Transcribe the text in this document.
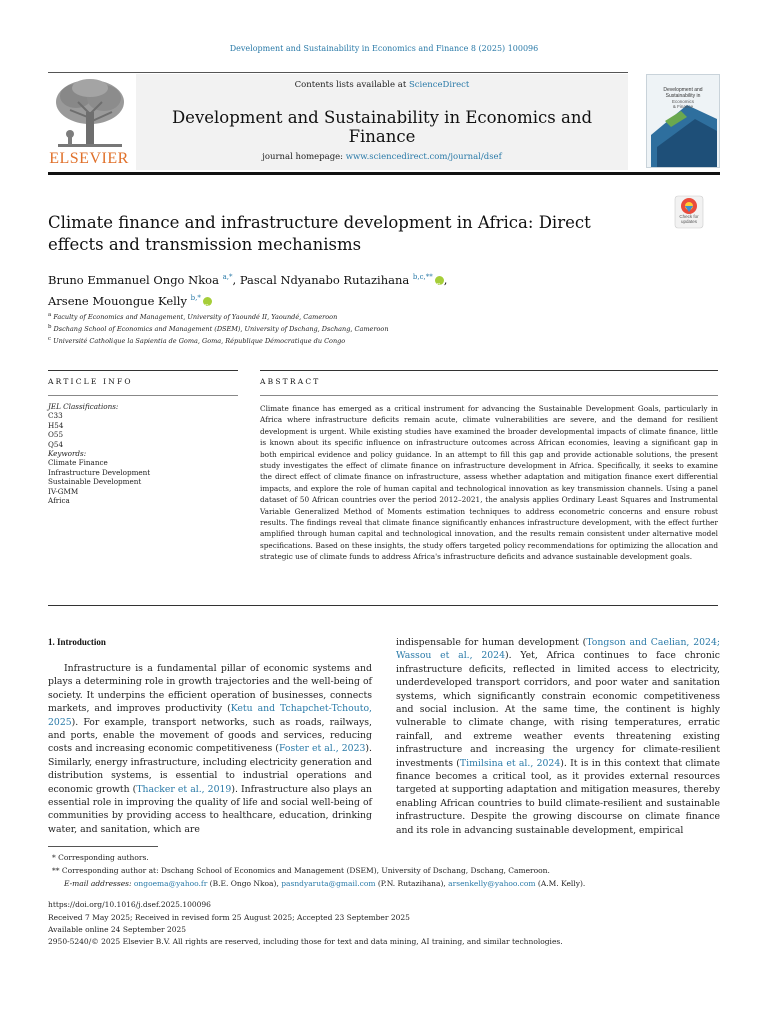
Development and Sustainability in Economics and Finance 8 (2025) 100096
ELSEVIER
Contents lists available at ScienceDirect
Development and Sustainability in Economics and Finance
journal homepage: www.sciencedirect.com/journal/dsef
Development and
Sustainability in
Economics
& Finance
Climate finance and infrastructure development in Africa: Direct effects and transmission mechanisms
Check for
updates
Bruno Emmanuel Ongo Nkoa $^{a,*}$, Pascal Ndyanabo Rutazihana $^{b,c,**}$iD ,
Arsene Mouongue Kelly $^{b,*}$iD
$^a$ Faculty of Economics and Management, University of Yaoundé II, Yaoundé, Cameroon
$^b$ Dschang School of Economics and Management (DSEM), University of Dschang, Dschang, Cameroon
$^c$ Université Catholique la Sapientia de Goma, Goma, République Démocratique du Congo
ARTICLE INFO	ABSTRACT
JEL Classifications:
C33
H54
O55
Q54
Keywords:
Climate Finance
Infrastructure Development
Sustainable Development
IV-GMM
Africa
Climate finance has emerged as a critical instrument for advancing the Sustainable Development Goals, particularly in Africa where infrastructure deficits remain acute, climate vulnerabilities are severe, and the demand for resilient development is urgent. While existing studies have examined the broader developmental impacts of climate finance, little is known about its specific influence on infrastructure outcomes across African economies, leaving a significant gap in both empirical evidence and policy guidance. In an attempt to fill this gap and provide actionable solutions, the present study investigates the effect of climate finance on infrastructure development in Africa. Specifically, it seeks to examine the direct effect of climate finance on infrastructure, assess whether adaptation and mitigation finance exert differential impacts, and explore the role of human capital and technological innovation as key transmission channels. Using a panel dataset of 50 African countries over the period 2012–2021, the analysis applies Ordinary Least Squares and Instrumental Variable Generalized Method of Moments estimation techniques to address econometric concerns and ensure robust results. The findings reveal that climate finance significantly enhances infrastructure development, with the effect further amplified through human capital and technological innovation, and the results remain consistent under alternative model specifications. Based on these insights, the study offers targeted policy recommendations for optimizing the allocation and strategic use of climate funds to address Africa's infrastructure deficits and advance sustainable development goals.
1. Introduction
Infrastructure is a fundamental pillar of economic systems and plays a determining role in growth trajectories and the well-being of society. It underpins the efficient operation of businesses, connects markets, and improves productivity (Ketu and Tchapchet-Tchouto, 2025). For example, transport networks, such as roads, railways, and ports, enable the movement of goods and services, reducing costs and increasing economic competitiveness (Foster et al., 2023). Similarly, energy infrastructure, including electricity generation and distribution systems, is essential to industrial operations and economic growth (Thacker et al., 2019). Infrastructure also plays an essential role in improving the quality of life and social well-being of communities by providing access to healthcare, education, drinking water, and sanitation, which are
indispensable for human development (Tongson and Caelian, 2024; Wassou et al., 2024). Yet, Africa continues to face chronic infrastructure deficits, reflected in limited access to electricity, underdeveloped transport corridors, and poor water and sanitation systems, which significantly constrain economic competitiveness and social inclusion. At the same time, the continent is highly vulnerable to climate change, with rising temperatures, erratic rainfall, and extreme weather events threatening existing infrastructure and increasing the urgency for climate-resilient investments (Timilsina et al., 2024). It is in this context that climate finance becomes a critical tool, as it provides external resources targeted at supporting adaptation and mitigation measures, thereby enabling African countries to build climate-resilient and sustainable infrastructure. Despite the growing discourse on climate finance and its role in advancing sustainable development, empirical
* Corresponding authors.
** Corresponding author at: Dschang School of Economics and Management (DSEM), University of Dschang, Dschang, Cameroon.
E-mail addresses: ongoema@yahoo.fr (B.E. Ongo Nkoa), pasndyaruta@gmail.com (P.N. Rutazihana), arsenkelly@yahoo.com (A.M. Kelly).
https://doi.org/10.1016/j.dsef.2025.100096
Received 7 May 2025; Received in revised form 25 August 2025; Accepted 23 September 2025
Available online 24 September 2025
2950-5240/© 2025 Elsevier B.V. All rights are reserved, including those for text and data mining, AI training, and similar technologies.
